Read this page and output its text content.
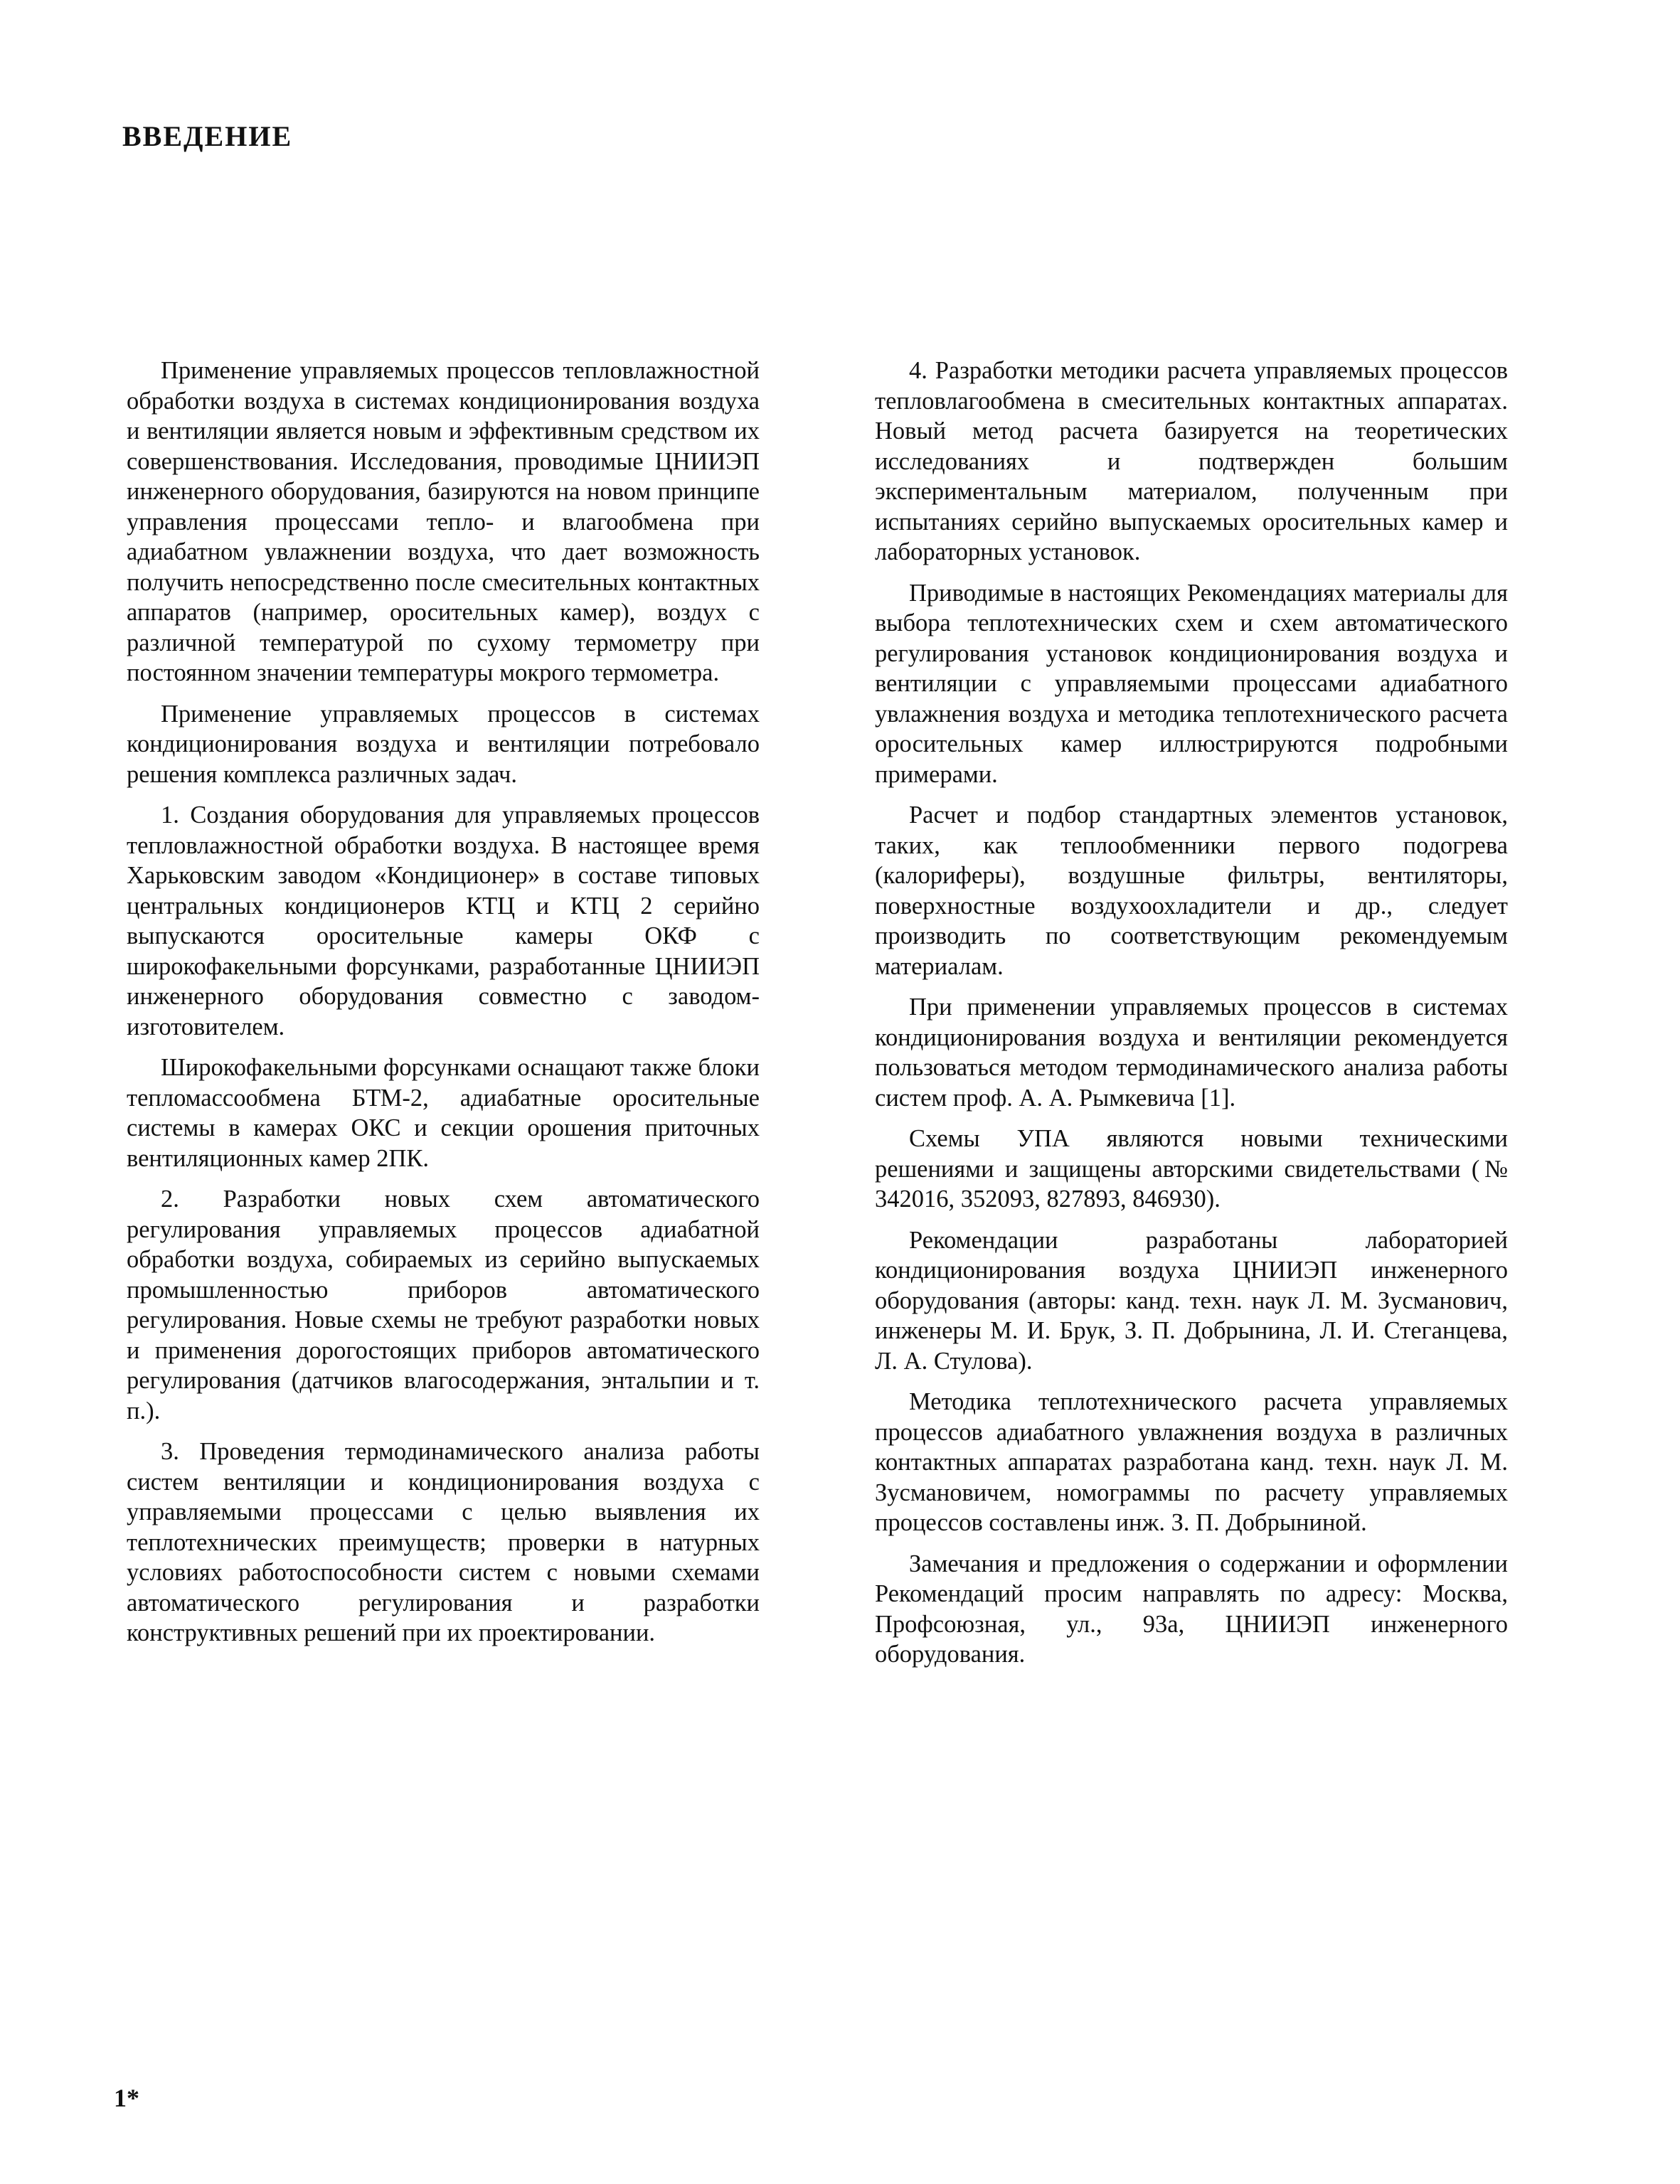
ВВЕДЕНИЕ

Применение управляемых процессов тепловлажностной обработки воздуха в системах кондиционирования воздуха и вентиляции является новым и эффективным средством их совершенствования. Исследования, проводимые ЦНИИЭП инженерного оборудования, базируются на новом принципе управления процессами тепло- и влагообмена при адиабатном увлажнении воздуха, что дает возможность получить непосредственно после смесительных контактных аппаратов (например, оросительных камер), воздух с различной температурой по сухому термометру при постоянном значении температуры мокрого термометра.

Применение управляемых процессов в системах кондиционирования воздуха и вентиляции потребовало решения комплекса различных задач.

1. Создания оборудования для управляемых процессов тепловлажностной обработки воздуха. В настоящее время Харьковским заводом «Кондиционер» в составе типовых центральных кондиционеров КТЦ и КТЦ 2 серийно выпускаются оросительные камеры ОКФ с широкофакельными форсунками, разработанные ЦНИИЭП инженерного оборудования совместно с заводом-изготовителем.

Широкофакельными форсунками оснащают также блоки тепломассообмена БТМ-2, адиабатные оросительные системы в камерах ОКС и секции орошения приточных вентиляционных камер 2ПК.

2. Разработки новых схем автоматического регулирования управляемых процессов адиабатной обработки воздуха, собираемых из серийно выпускаемых промышленностью приборов автоматического регулирования. Новые схемы не требуют разработки новых и применения дорогостоящих приборов автоматического регулирования (датчиков влагосодержания, энтальпии и т. п.).

3. Проведения термодинамического анализа работы систем вентиляции и кондиционирования воздуха с управляемыми процессами с целью выявления их теплотехнических преимуществ; проверки в натурных условиях работоспособности систем с новыми схемами автоматического регулирования и разработки конструктивных решений при их проектировании.

4. Разработки методики расчета управляемых процессов тепловлагообмена в смесительных контактных аппаратах. Новый метод расчета базируется на теоретических исследованиях и подтвержден большим экспериментальным материалом, полученным при испытаниях серийно выпускаемых оросительных камер и лабораторных установок.

Приводимые в настоящих Рекомендациях материалы для выбора теплотехнических схем и схем автоматического регулирования установок кондиционирования воздуха и вентиляции с управляемыми процессами адиабатного увлажнения воздуха и методика теплотехнического расчета оросительных камер иллюстрируются подробными примерами.

Расчет и подбор стандартных элементов установок, таких, как теплообменники первого подогрева (калориферы), воздушные фильтры, вентиляторы, поверхностные воздухоохладители и др., следует производить по соответствующим рекомендуемым материалам.

При применении управляемых процессов в системах кондиционирования воздуха и вентиляции рекомендуется пользоваться методом термодинамического анализа работы систем проф. А. А. Рымкевича [1].

Схемы УПА являются новыми техническими решениями и защищены авторскими свидетельствами (№ 342016, 352093, 827893, 846930).

Рекомендации разработаны лабораторией кондиционирования воздуха ЦНИИЭП инженерного оборудования (авторы: канд. техн. наук Л. М. Зусманович, инженеры М. И. Брук, З. П. Добрынина, Л. И. Стеганцева, Л. А. Стулова).

Методика теплотехнического расчета управляемых процессов адиабатного увлажнения воздуха в различных контактных аппаратах разработана канд. техн. наук Л. М. Зусмановичем, номограммы по расчету управляемых процессов составлены инж. З. П. Добрыниной.

Замечания и предложения о содержании и оформлении Рекомендаций просим направлять по адресу: Москва, Профсоюзная, ул., 93а, ЦНИИЭП инженерного оборудования.

1*
